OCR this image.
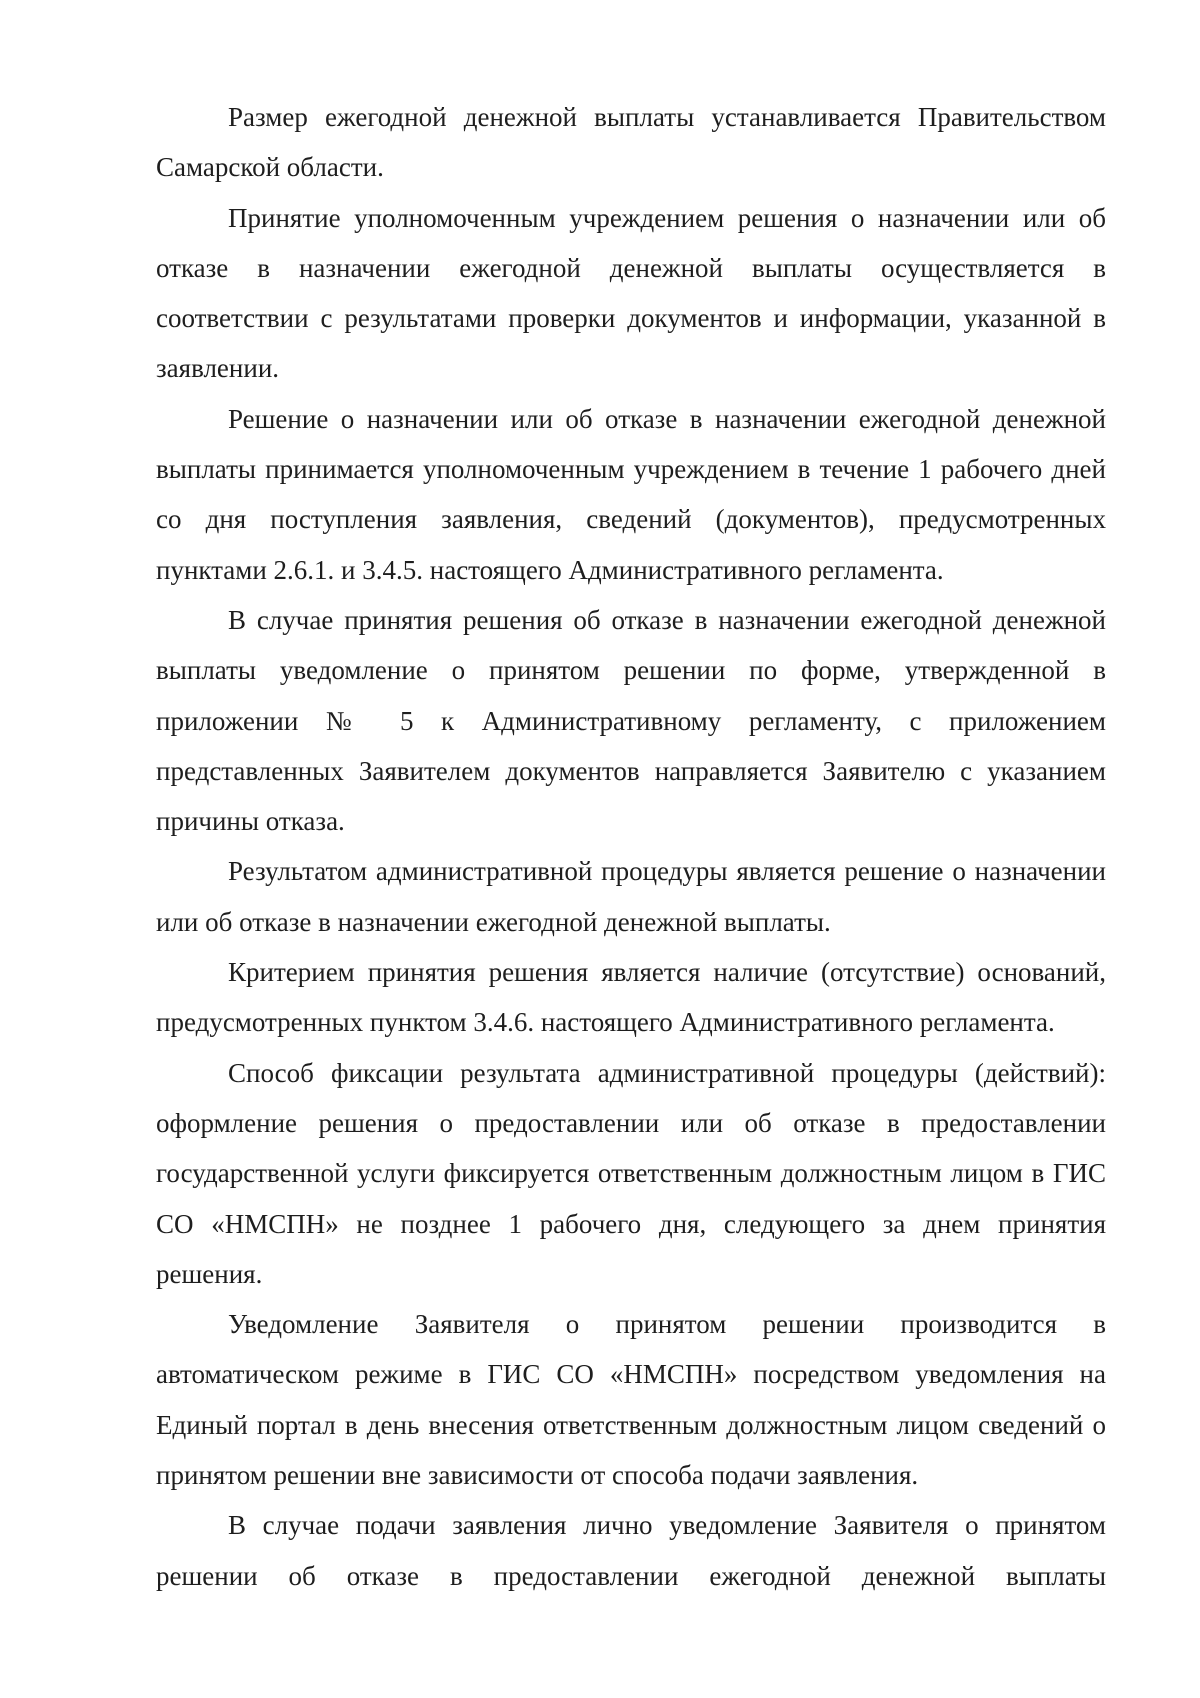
Размер ежегодной денежной выплаты устанавливается Правительством Самарской области.

Принятие уполномоченным учреждением решения о назначении или об отказе в назначении ежегодной денежной выплаты осуществляется в соответствии с результатами проверки документов и информации, указанной в заявлении.

Решение о назначении или об отказе в назначении ежегодной денежной выплаты принимается уполномоченным учреждением в течение 1 рабочего дней со дня поступления заявления, сведений (документов), предусмотренных пунктами 2.6.1. и 3.4.5. настоящего Административного регламента.

В случае принятия решения об отказе в назначении ежегодной денежной выплаты уведомление о принятом решении по форме, утвержденной в приложении № 5 к Административному регламенту, с приложением представленных Заявителем документов направляется Заявителю с указанием причины отказа.

Результатом административной процедуры является решение о назначении или об отказе в назначении ежегодной денежной выплаты.

Критерием принятия решения является наличие (отсутствие) оснований, предусмотренных пунктом 3.4.6. настоящего Административного регламента.

Способ фиксации результата административной процедуры (действий): оформление решения о предоставлении или об отказе в предоставлении государственной услуги фиксируется ответственным должностным лицом в ГИС СО «НМСПН» не позднее 1 рабочего дня, следующего за днем принятия решения.

Уведомление Заявителя о принятом решении производится в автоматическом режиме в ГИС СО «НМСПН» посредством уведомления на Единый портал в день внесения ответственным должностным лицом сведений о принятом решении вне зависимости от способа подачи заявления.

В случае подачи заявления лично уведомление Заявителя о принятом решении об отказе в предоставлении ежегодной денежной выплаты
